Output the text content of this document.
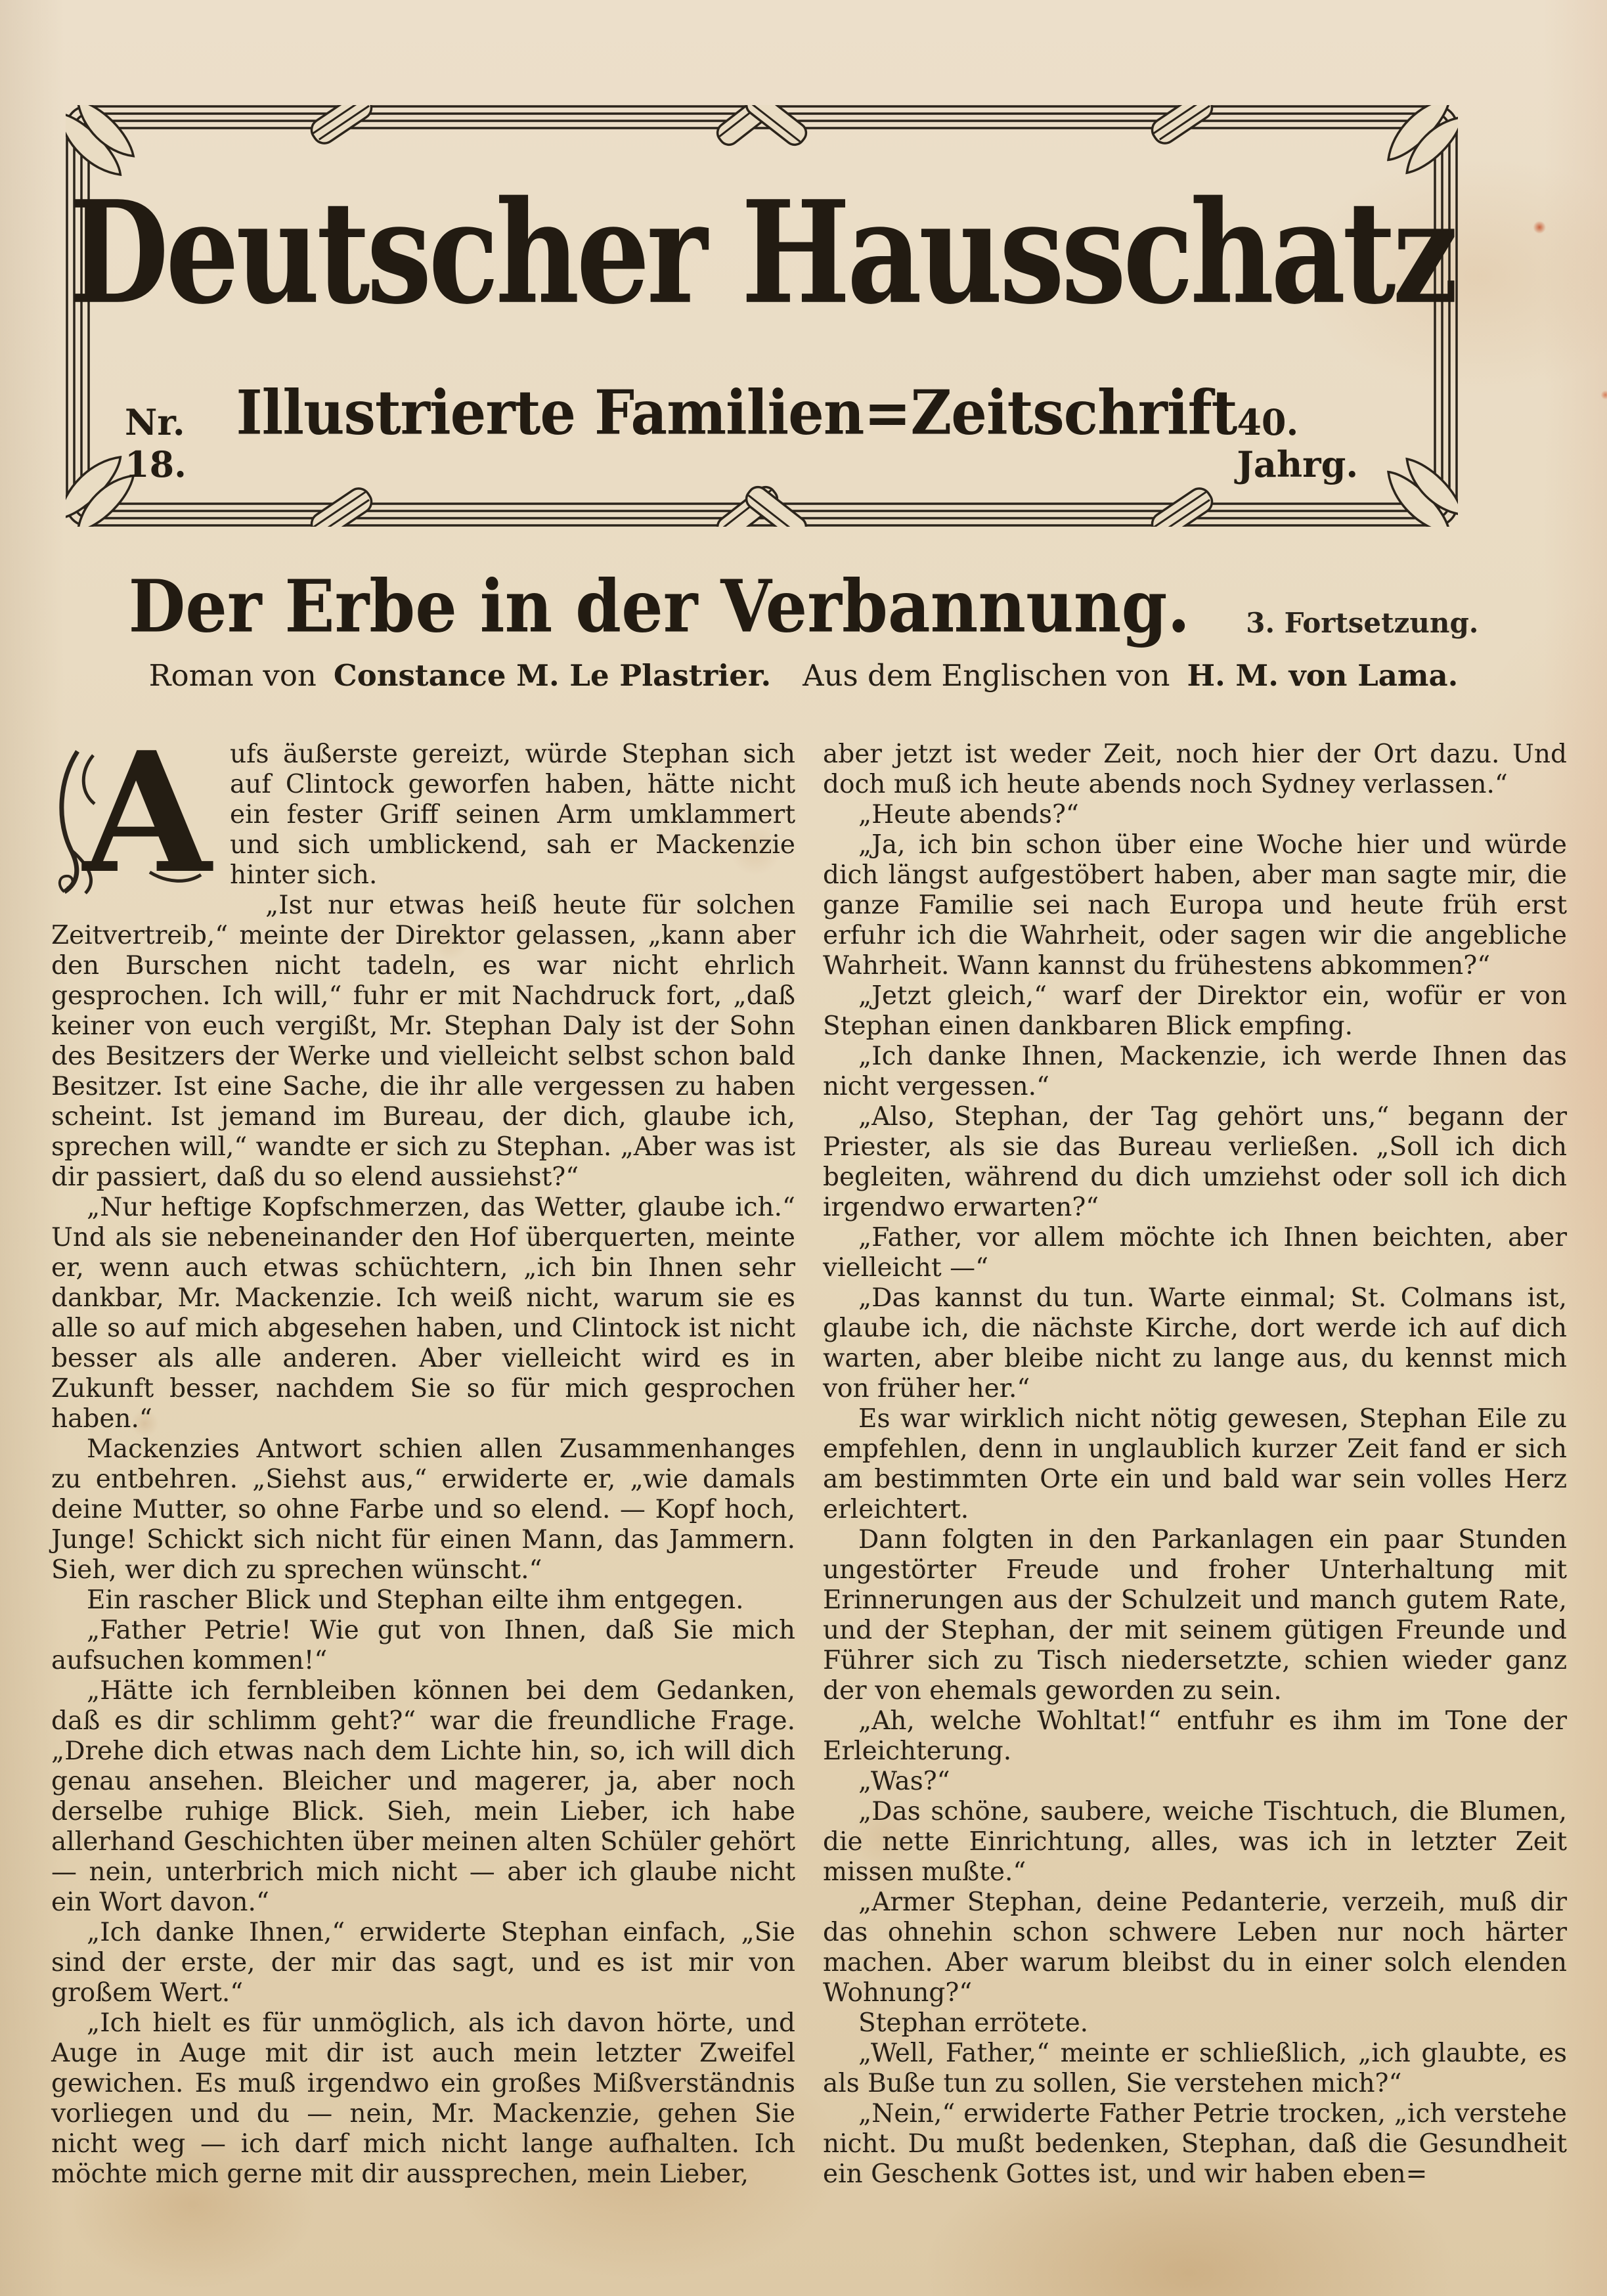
Deutscher Hausschatz
Nr. 18.
Illustrierte Familien=Zeitschrift 40. Jahrg.
Der Erbe in der Verbannung. 3. Fortsetzung.
Roman von Constance M. Le Plastrier. Aus dem Englischen von H. M. von Lama.

A ufs äußerste gereizt, würde Stephan sich auf Clintock geworfen haben, hätte nicht ein fester Griff seinen Arm umklammert und sich umblickend, sah er Mackenzie hinter sich.

„Ist nur etwas heiß heute für solchen Zeitvertreib,“ meinte der Direktor gelassen, „kann aber den Burschen nicht tadeln, es war nicht ehrlich gesprochen. Ich will,“ fuhr er mit Nachdruck fort, „daß keiner von euch vergißt, Mr. Stephan Daly ist der Sohn des Besitzers der Werke und vielleicht selbst schon bald Besitzer. Ist eine Sache, die ihr alle vergessen zu haben scheint. Ist jemand im Bureau, der dich, glaube ich, sprechen will,“ wandte er sich zu Stephan. „Aber was ist dir passiert, daß du so elend aussiehst?“

„Nur heftige Kopfschmerzen, das Wetter, glaube ich.“ Und als sie nebeneinander den Hof überquerten, meinte er, wenn auch etwas schüchtern, „ich bin Ihnen sehr dankbar, Mr. Mackenzie. Ich weiß nicht, warum sie es alle so auf mich abgesehen haben, und Clintock ist nicht besser als alle anderen. Aber vielleicht wird es in Zukunft besser, nachdem Sie so für mich gesprochen haben.“

Mackenzies Antwort schien allen Zusammenhanges zu entbehren. „Siehst aus,“ erwiderte er, „wie damals deine Mutter, so ohne Farbe und so elend. — Kopf hoch, Junge! Schickt sich nicht für einen Mann, das Jammern. Sieh, wer dich zu sprechen wünscht.“

Ein rascher Blick und Stephan eilte ihm entgegen.

„Father Petrie! Wie gut von Ihnen, daß Sie mich aufsuchen kommen!“

„Hätte ich fernbleiben können bei dem Gedanken, daß es dir schlimm geht?“ war die freundliche Frage. „Drehe dich etwas nach dem Lichte hin, so, ich will dich genau ansehen. Bleicher und magerer, ja, aber noch derselbe ruhige Blick. Sieh, mein Lieber, ich habe allerhand Geschichten über meinen alten Schüler gehört — nein, unterbrich mich nicht — aber ich glaube nicht ein Wort davon.“

„Ich danke Ihnen,“ erwiderte Stephan einfach, „Sie sind der erste, der mir das sagt, und es ist mir von großem Wert.“

„Ich hielt es für unmöglich, als ich davon hörte, und Auge in Auge mit dir ist auch mein letzter Zweifel gewichen. Es muß irgendwo ein großes Mißverständnis vorliegen und du — nein, Mr. Mackenzie, gehen Sie nicht weg — ich darf mich nicht lange aufhalten. Ich möchte mich gerne mit dir aussprechen, mein Lieber,

aber jetzt ist weder Zeit, noch hier der Ort dazu. Und doch muß ich heute abends noch Sydney verlassen.“

„Heute abends?“

„Ja, ich bin schon über eine Woche hier und würde dich längst aufgestöbert haben, aber man sagte mir, die ganze Familie sei nach Europa und heute früh erst erfuhr ich die Wahrheit, oder sagen wir die angebliche Wahrheit. Wann kannst du frühestens abkommen?“

„Jetzt gleich,“ warf der Direktor ein, wofür er von Stephan einen dankbaren Blick empfing.

„Ich danke Ihnen, Mackenzie, ich werde Ihnen das nicht vergessen.“

„Also, Stephan, der Tag gehört uns,“ begann der Priester, als sie das Bureau verließen. „Soll ich dich begleiten, während du dich umziehst oder soll ich dich irgendwo erwarten?“

„Father, vor allem möchte ich Ihnen beichten, aber vielleicht —“

„Das kannst du tun. Warte einmal; St. Colmans ist, glaube ich, die nächste Kirche, dort werde ich auf dich warten, aber bleibe nicht zu lange aus, du kennst mich von früher her.“

Es war wirklich nicht nötig gewesen, Stephan Eile zu empfehlen, denn in unglaublich kurzer Zeit fand er sich am bestimmten Orte ein und bald war sein volles Herz erleichtert.

Dann folgten in den Parkanlagen ein paar Stunden ungestörter Freude und froher Unterhaltung mit Erinnerungen aus der Schulzeit und manch gutem Rate, und der Stephan, der mit seinem gütigen Freunde und Führer sich zu Tisch niedersetzte, schien wieder ganz der von ehemals geworden zu sein.

„Ah, welche Wohltat!“ entfuhr es ihm im Tone der Erleichterung.

„Was?“

„Das schöne, saubere, weiche Tischtuch, die Blumen, die nette Einrichtung, alles, was ich in letzter Zeit missen mußte.“

„Armer Stephan, deine Pedanterie, verzeih, muß dir das ohnehin schon schwere Leben nur noch härter machen. Aber warum bleibst du in einer solch elenden Wohnung?“

Stephan errötete.

„Well, Father,“ meinte er schließlich, „ich glaubte, es als Buße tun zu sollen, Sie verstehen mich?“

„Nein,“ erwiderte Father Petrie trocken, „ich verstehe nicht. Du mußt bedenken, Stephan, daß die Gesundheit ein Geschenk Gottes ist, und wir haben eben=
